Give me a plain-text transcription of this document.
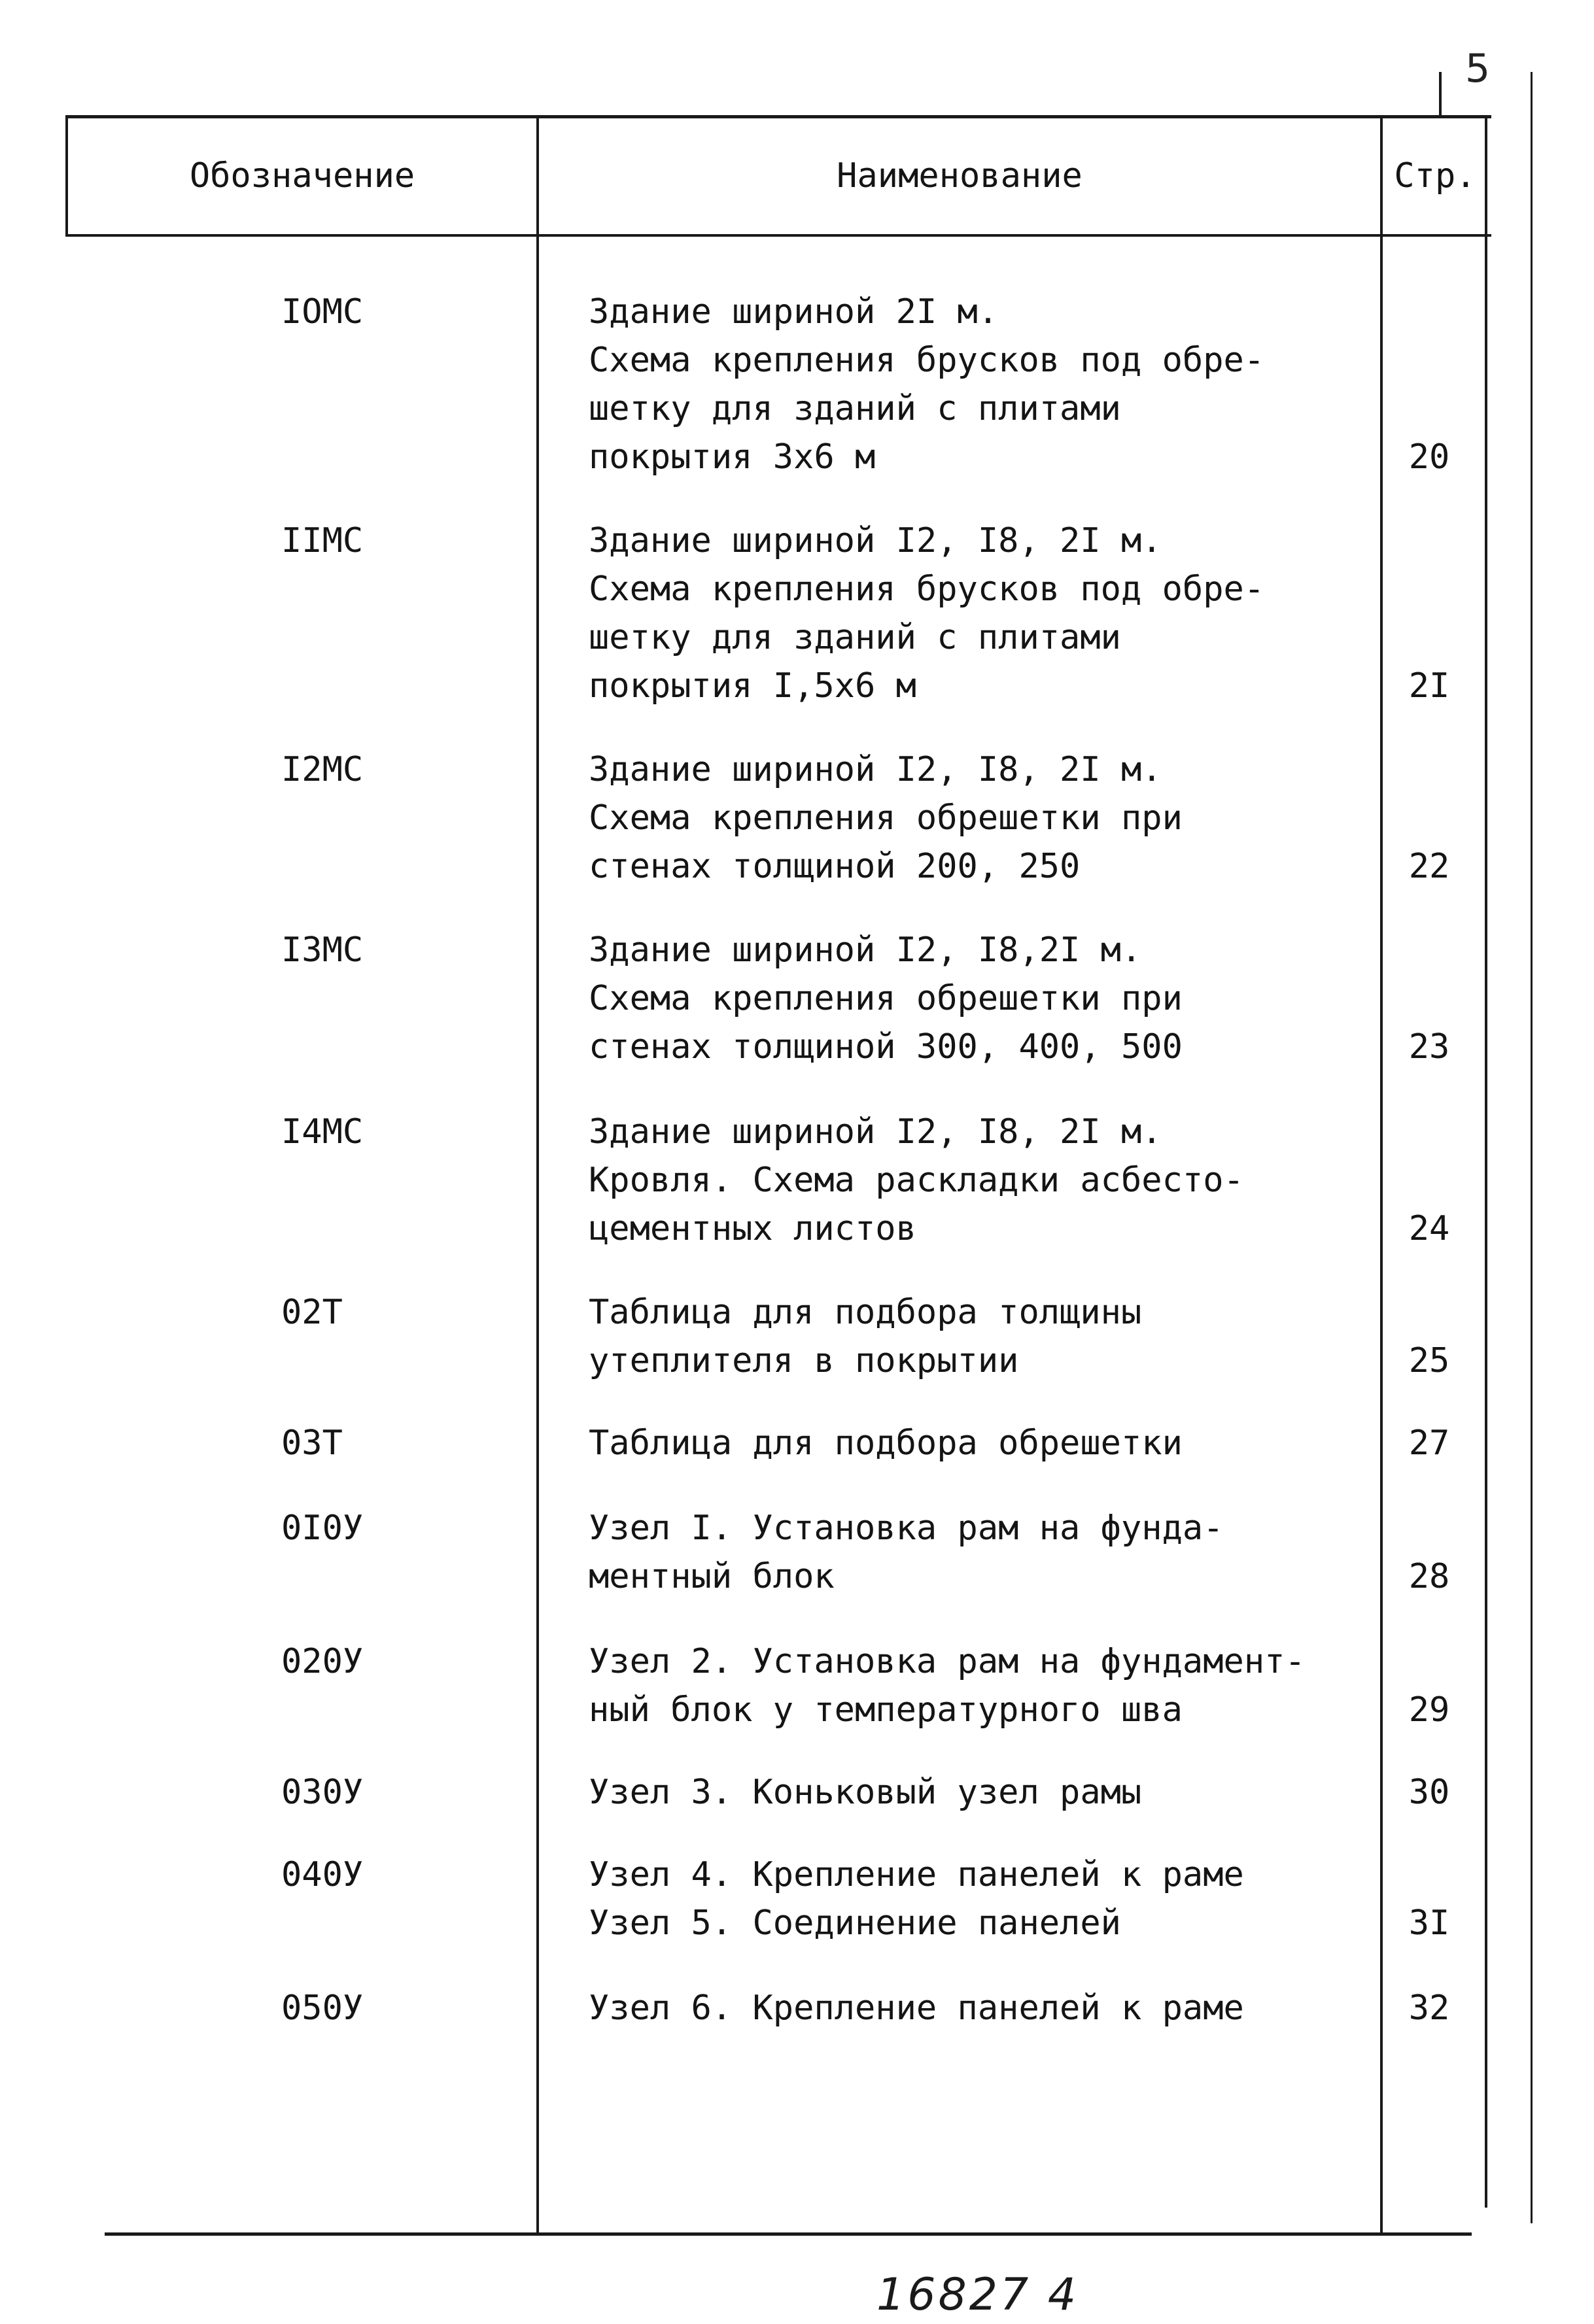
5
Обозначение	Наименование	Стр.
IOMC	Здание шириной 2I м.
Схема крепления брусков под обре-
шетку для зданий с плитами
покрытия 3х6 м	20
IIMC	Здание шириной I2, I8, 2I м.
Схема крепления брусков под обре-
шетку для зданий с плитами
покрытия I,5х6 м	2I
I2MC	Здание шириной I2, I8, 2I м.
Схема крепления обрешетки при
стенах толщиной 200, 250	22
I3MC	Здание шириной I2, I8,2I м.
Схема крепления обрешетки при
стенах толщиной 300, 400, 500	23
I4MC	Здание шириной I2, I8, 2I м.
Кровля. Схема раскладки асбесто-
цементных листов	24
02T	Таблица для подбора толщины
утеплителя в покрытии	25
03T	Таблица для подбора обрешетки	27
0I0У	Узел I. Установка рам на фунда-
ментный блок	28
020У	Узел 2. Установка рам на фундамент-
ный блок у температурного шва	29
030У	Узел 3. Коньковый узел рамы	30
040У	Узел 4. Крепление панелей к раме
Узел 5. Соединение панелей	3I
050У	Узел 6. Крепление панелей к раме	32
16827 4
